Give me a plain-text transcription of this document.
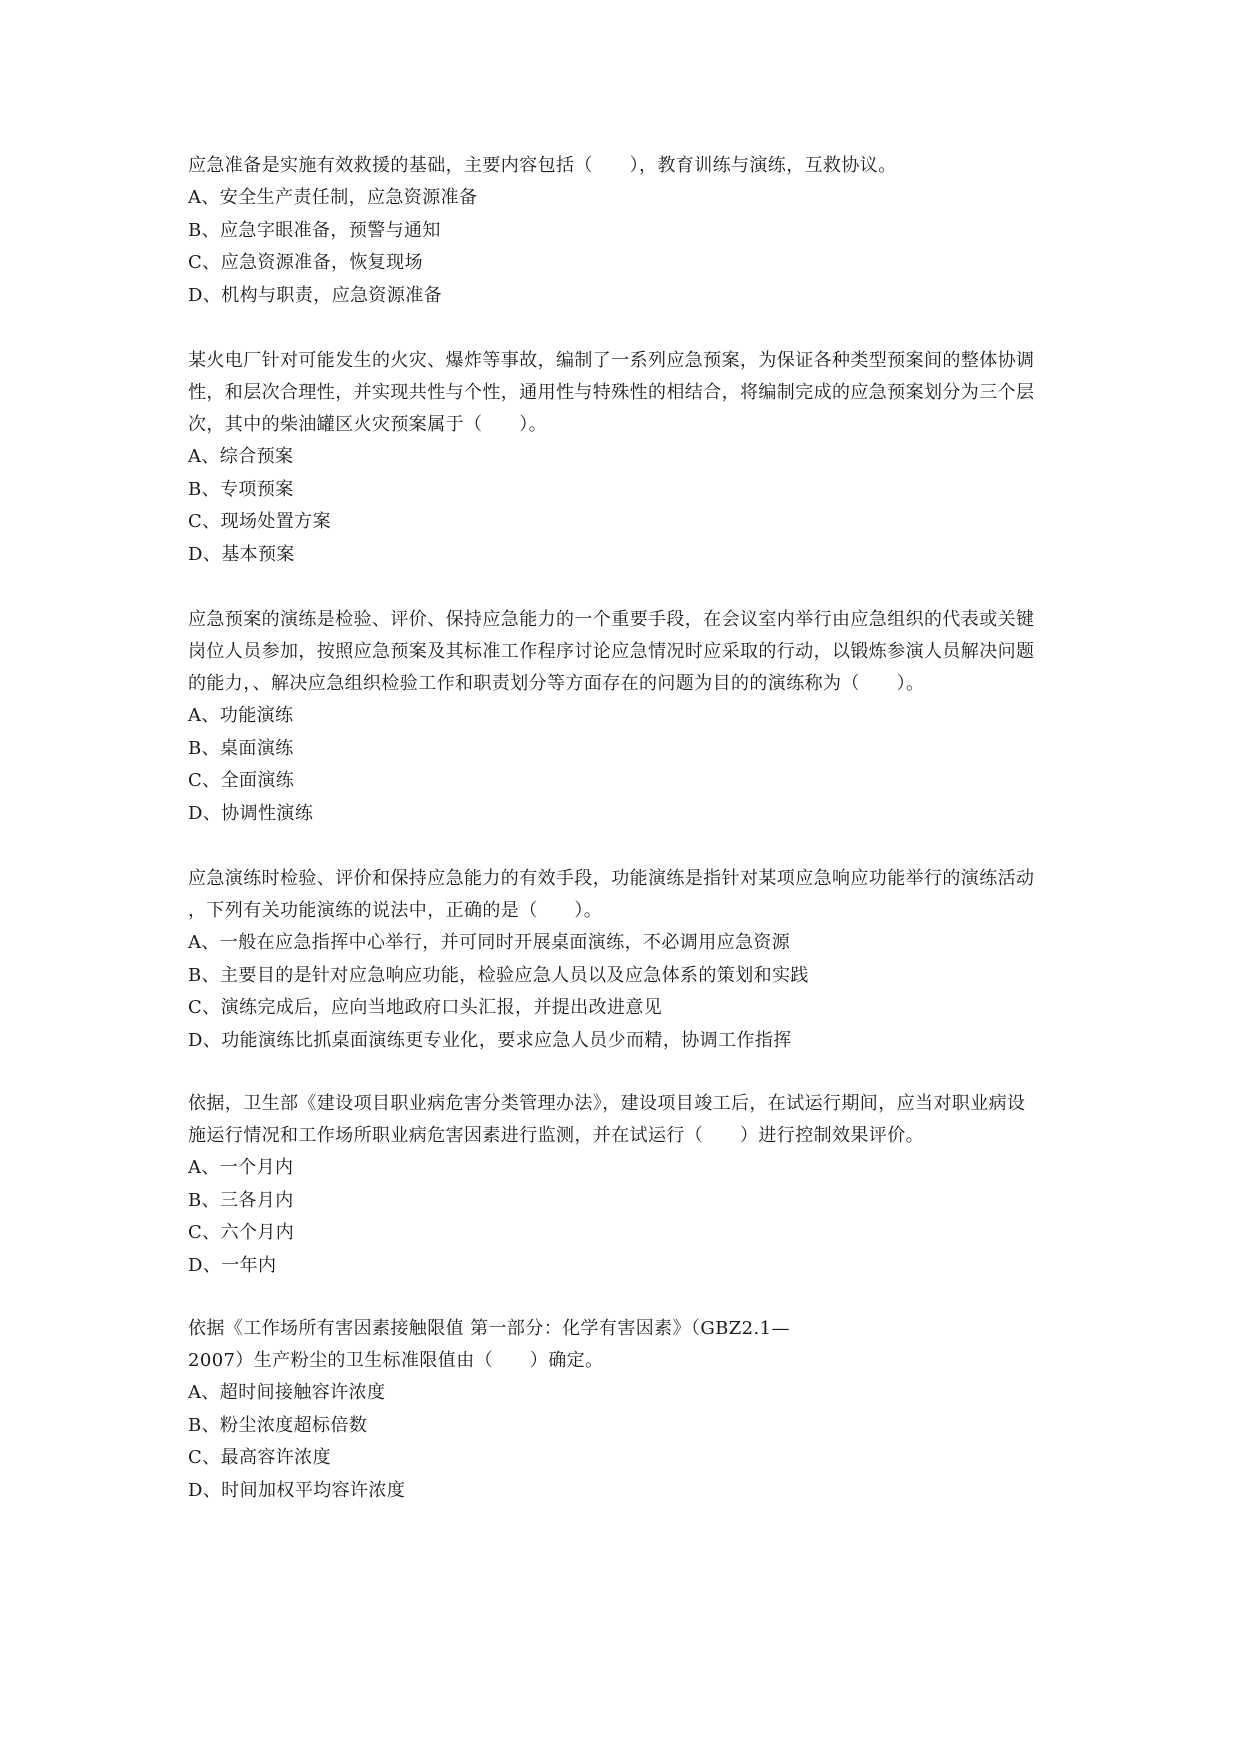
应急准备是实施有效救援的基础，主要内容包括（　　），教育训练与演练，互救协议。

A、安全生产责任制，应急资源准备

B、应急字眼准备，预警与通知

C、应急资源准备，恢复现场

D、机构与职责，应急资源准备

某火电厂针对可能发生的火灾、爆炸等事故，编制了一系列应急预案，为保证各种类型预案间的整体协调
性，和层次合理性，并实现共性与个性，通用性与特殊性的相结合，将编制完成的应急预案划分为三个层
次，其中的柴油罐区火灾预案属于（　　）。

A、综合预案

B、专项预案

C、现场处置方案

D、基本预案

应急预案的演练是检验、评价、保持应急能力的一个重要手段，在会议室内举行由应急组织的代表或关键
岗位人员参加，按照应急预案及其标准工作程序讨论应急情况时应采取的行动，以锻炼参演人员解决问题
的能力，、解决应急组织检验工作和职责划分等方面存在的问题为目的的演练称为（　　）。

A、功能演练

B、桌面演练

C、全面演练

D、协调性演练

应急演练时检验、评价和保持应急能力的有效手段，功能演练是指针对某项应急响应功能举行的演练活动
，下列有关功能演练的说法中，正确的是（　　）。

A、一般在应急指挥中心举行，并可同时开展桌面演练，不必调用应急资源

B、主要目的是针对应急响应功能，检验应急人员以及应急体系的策划和实践

C、演练完成后，应向当地政府口头汇报，并提出改进意见

D、功能演练比抓桌面演练更专业化，要求应急人员少而精，协调工作指挥

依据，卫生部《建设项目职业病危害分类管理办法》，建设项目竣工后，在试运行期间，应当对职业病设
施运行情况和工作场所职业病危害因素进行监测，并在试运行（　　）进行控制效果评价。

A、一个月内

B、三各月内

C、六个月内

D、一年内

依据《工作场所有害因素接触限值 第一部分：化学有害因素》（GBZ2.1—
2007）生产粉尘的卫生标准限值由（　　）确定。

A、超时间接触容许浓度

B、粉尘浓度超标倍数

C、最高容许浓度

D、时间加权平均容许浓度
